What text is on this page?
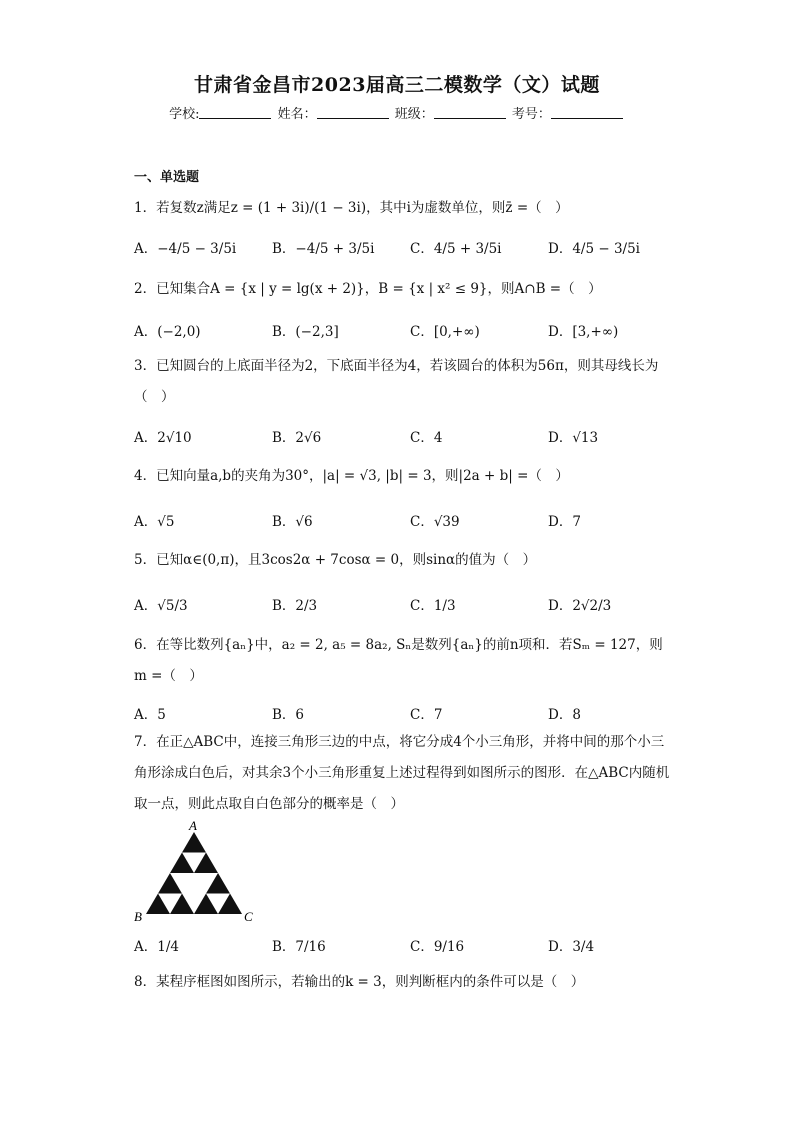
甘肃省金昌市2023届高三二模数学（文）试题
学校:	姓名：	班级：	考号：
一、单选题
1．若复数z满足z = (1 + 3i)/(1 − 3i)，其中i为虚数单位，则z̄ =（　）
A．−4/5 − 3/5i	B．−4/5 + 3/5i	C．4/5 + 3/5i	D．4/5 − 3/5i
2．已知集合A = {x | y = lg(x + 2)}，B = {x | x² ≤ 9}，则A∩B =（　）
A．(−2,0)	B．(−2,3]	C．[0,+∞)	D．[3,+∞)
3．已知圆台的上底面半径为2，下底面半径为4，若该圆台的体积为56π，则其母线长为（　）
A．2√10	B．2√6	C．4	D．√13
4．已知向量a,b的夹角为30°，|a| = √3, |b| = 3，则|2a + b| =（　）
A．√5	B．√6	C．√39	D．7
5．已知α∈(0,π)，且3cos2α + 7cosα = 0，则sinα的值为（　）
A．√5/3	B．2/3	C．1/3	D．2√2/3
6．在等比数列{aₙ}中，a₂ = 2, a₅ = 8a₂, Sₙ是数列{aₙ}的前n项和．若Sₘ = 127，则m =（　）
A．5	B．6	C．7	D．8
7．在正△ABC中，连接三角形三边的中点，将它分成4个小三角形，并将中间的那个小三角形涂成白色后，对其余3个小三角形重复上述过程得到如图所示的图形．在△ABC内随机取一点，则此点取自白色部分的概率是（　）
A
B	C
A．1/4	B．7/16	C．9/16	D．3/4
8．某程序框图如图所示，若输出的k = 3，则判断框内的条件可以是（　）
